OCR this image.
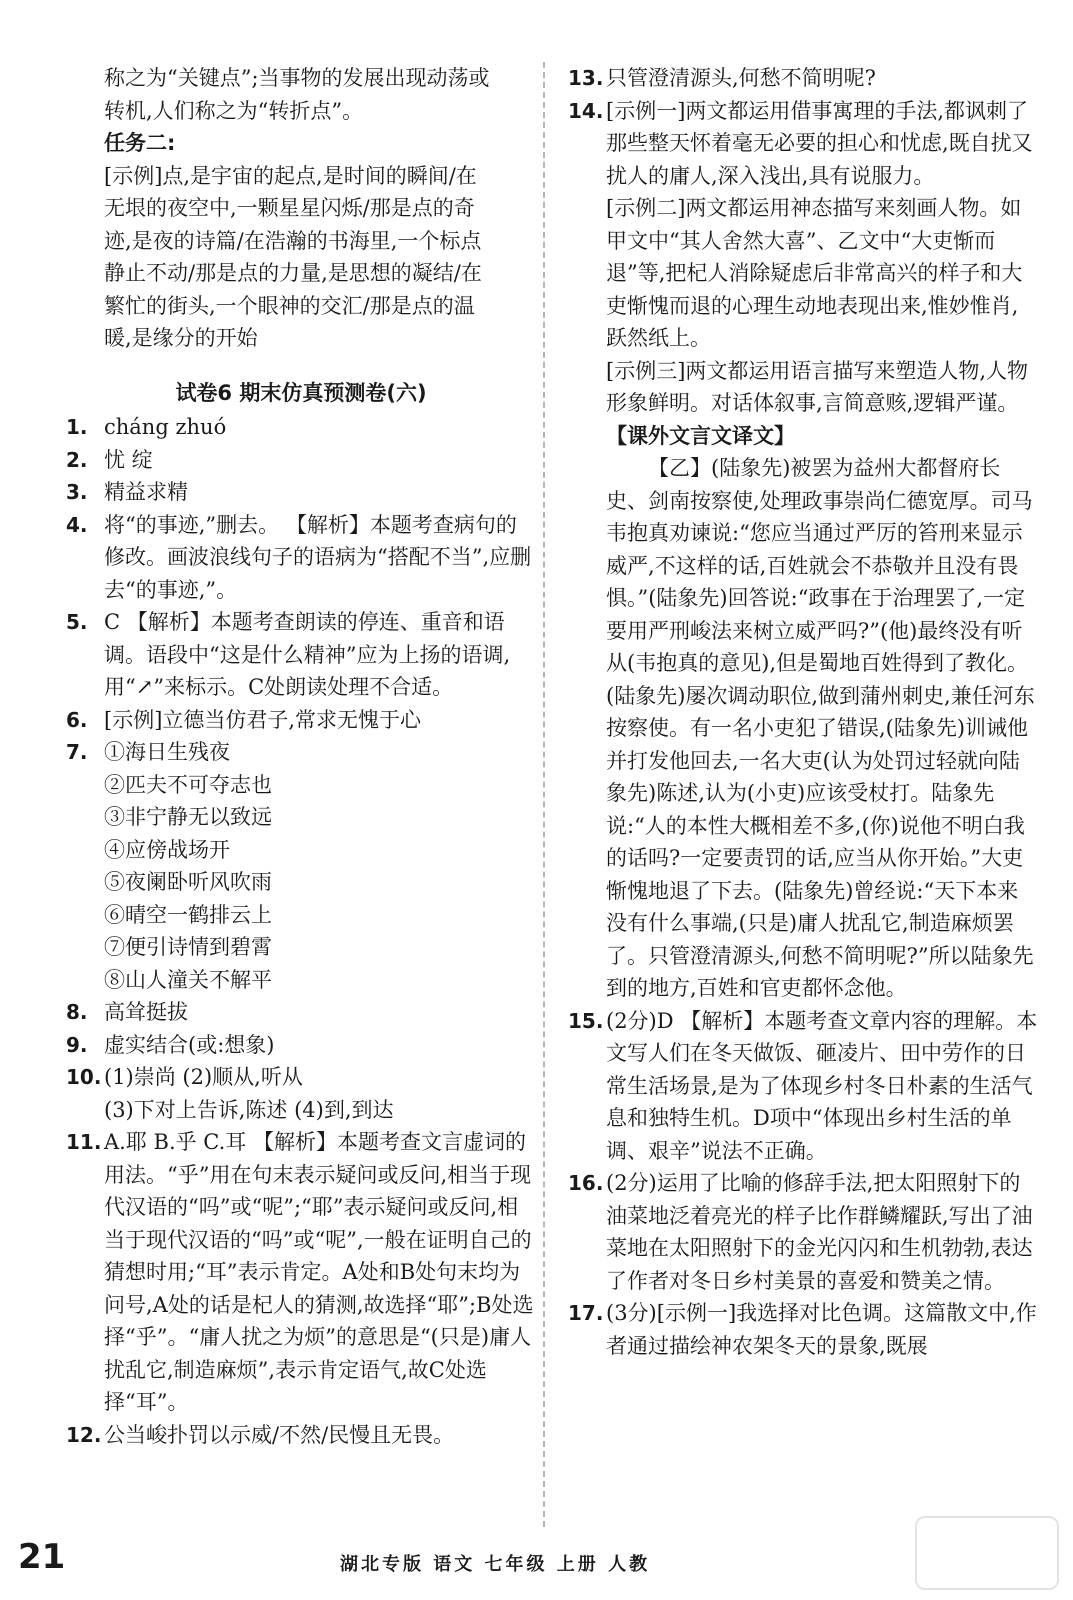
称之为“关键点”;当事物的发展出现动荡或

转机,人们称之为“转折点”。

任务二:

[示例]点,是宇宙的起点,是时间的瞬间/在

无垠的夜空中,一颗星星闪烁/那是点的奇

迹,是夜的诗篇/在浩瀚的书海里,一个标点

静止不动/那是点的力量,是思想的凝结/在

繁忙的街头,一个眼神的交汇/那是点的温

暖,是缘分的开始

试卷6 期末仿真预测卷(六)

1. cháng zhuó

2. 忧 绽

3. 精益求精

4. 将“的事迹,”删去。 【解析】本题考查病句的修改。画波浪线句子的语病为“搭配不当”,应删去“的事迹,”。

5. C 【解析】本题考查朗读的停连、重音和语调。语段中“这是什么精神”应为上扬的语调,用“↗”来标示。C处朗读处理不合适。

6. [示例]立德当仿君子,常求无愧于心

7. ①海日生残夜

②匹夫不可夺志也

③非宁静无以致远

④应傍战场开

⑤夜阑卧听风吹雨

⑥晴空一鹤排云上

⑦便引诗情到碧霄

⑧山人潼关不解平

8. 高耸挺拔

9. 虚实结合(或:想象)

10. (1)崇尚 (2)顺从,听从

(3)下对上告诉,陈述 (4)到,到达

11. A.耶 B.乎 C.耳 【解析】本题考查文言虚词的用法。“乎”用在句末表示疑问或反问,相当于现代汉语的“吗”或“呢”;“耶”表示疑问或反问,相当于现代汉语的“吗”或“呢”,一般在证明自己的猜想时用;“耳”表示肯定。A处和B处句末均为问号,A处的话是杞人的猜测,故选择“耶”;B处选择“乎”。“庸人扰之为烦”的意思是“(只是)庸人扰乱它,制造麻烦”,表示肯定语气,故C处选择“耳”。

12. 公当峻扑罚以示威/不然/民慢且无畏。

13. 只管澄清源头,何愁不简明呢?

14. [示例一]两文都运用借事寓理的手法,都讽刺了那些整天怀着毫无必要的担心和忧虑,既自扰又扰人的庸人,深入浅出,具有说服力。

[示例二]两文都运用神态描写来刻画人物。如甲文中“其人舍然大喜”、乙文中“大吏惭而退”等,把杞人消除疑虑后非常高兴的样子和大吏惭愧而退的心理生动地表现出来,惟妙惟肖,跃然纸上。

[示例三]两文都运用语言描写来塑造人物,人物形象鲜明。对话体叙事,言简意赅,逻辑严谨。

【课外文言文译文】

【乙】(陆象先)被罢为益州大都督府长史、剑南按察使,处理政事崇尚仁德宽厚。司马韦抱真劝谏说:“您应当通过严厉的笞刑来显示威严,不这样的话,百姓就会不恭敬并且没有畏惧。”(陆象先)回答说:“政事在于治理罢了,一定要用严刑峻法来树立威严吗?”(他)最终没有听从(韦抱真的意见),但是蜀地百姓得到了教化。(陆象先)屡次调动职位,做到蒲州刺史,兼任河东按察使。有一名小吏犯了错误,(陆象先)训诫他并打发他回去,一名大吏(认为处罚过轻就向陆象先)陈述,认为(小吏)应该受杖打。陆象先说:“人的本性大概相差不多,(你)说他不明白我的话吗?一定要责罚的话,应当从你开始。”大吏惭愧地退了下去。(陆象先)曾经说:“天下本来没有什么事端,(只是)庸人扰乱它,制造麻烦罢了。只管澄清源头,何愁不简明呢?”所以陆象先到的地方,百姓和官吏都怀念他。

15. (2分)D 【解析】本题考查文章内容的理解。本文写人们在冬天做饭、砸凌片、田中劳作的日常生活场景,是为了体现乡村冬日朴素的生活气息和独特生机。D项中“体现出乡村生活的单调、艰辛”说法不正确。

16. (2分)运用了比喻的修辞手法,把太阳照射下的油菜地泛着亮光的样子比作群鳞耀跃,写出了油菜地在太阳照射下的金光闪闪和生机勃勃,表达了作者对冬日乡村美景的喜爱和赞美之情。

17. (3分)[示例一]我选择对比色调。这篇散文中,作者通过描绘神农架冬天的景象,既展

21	湖北专版 语文 七年级 上册 人教
